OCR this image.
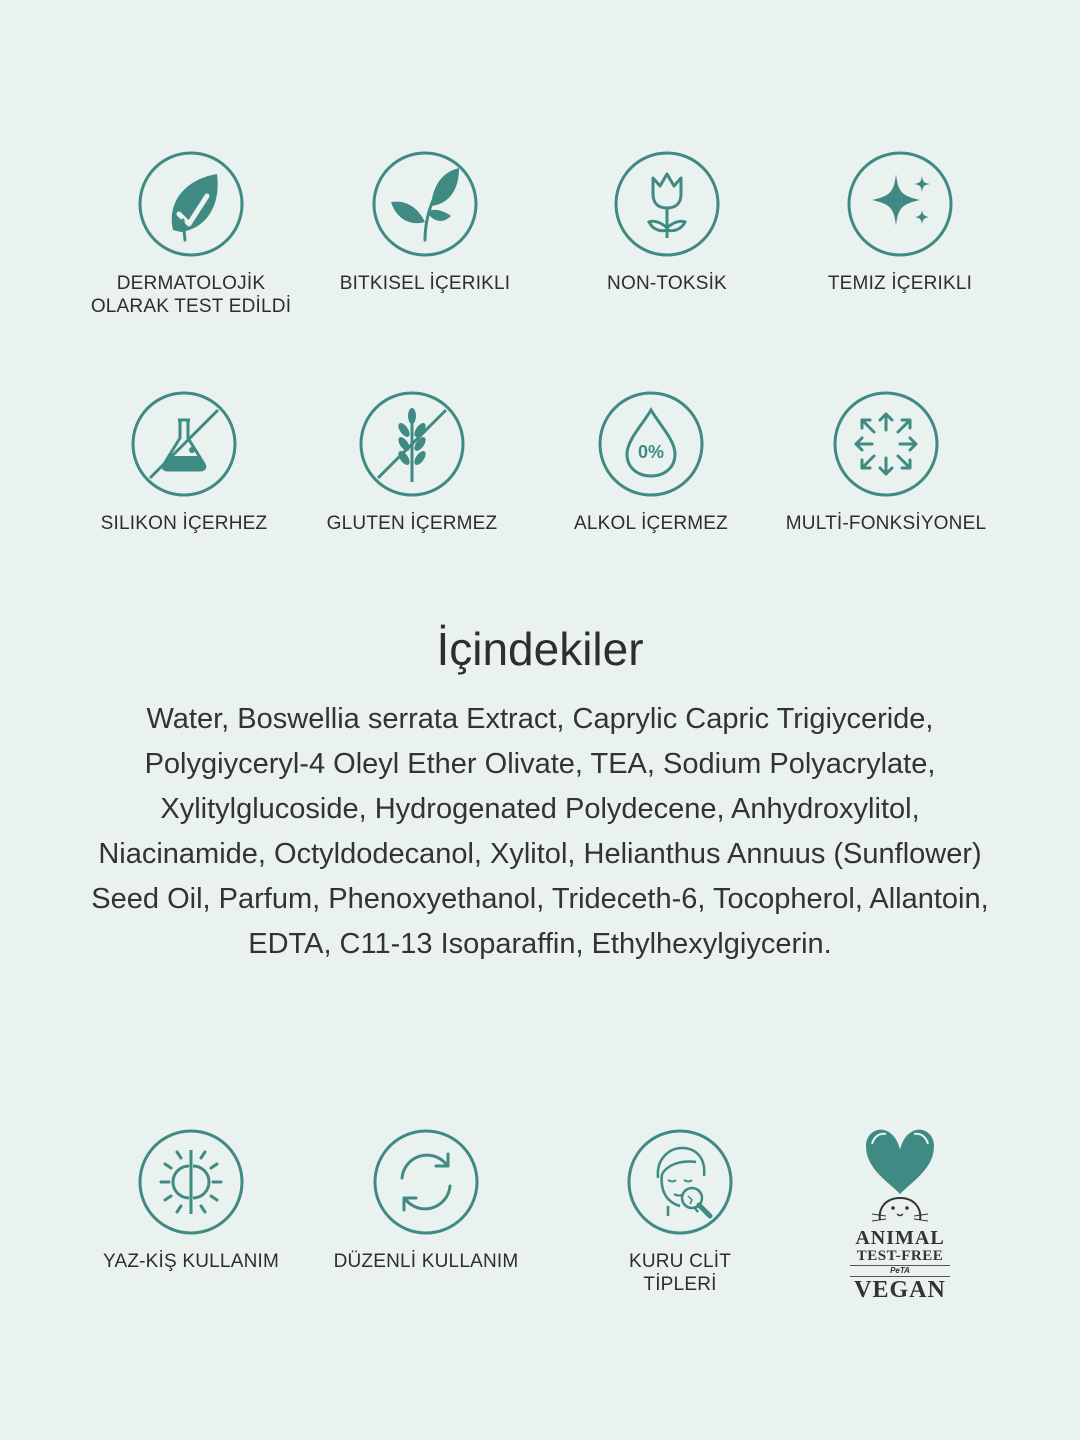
DERMATOLOJİK
OLARAK TEST EDİLDİ
BITKISEL İÇERIKLI	NON-TOKSİK	TEMIZ İÇERIKLI
SILIKON İÇERHEZ	GLUTEN İÇERMEZ
0%
ALKOL İÇERMEZ	MULTİ-FONKSİYONEL
İçindekiler

Water, Boswellia serrata Extract, Caprylic Capric Trigiyceride, Polygiyceryl-4 Oleyl Ether Olivate, TEA, Sodium Polyacrylate, Xylitylglucoside, Hydrogenated Polydecene, Anhydroxylitol, Niacinamide, Octyldodecanol, Xylitol, Helianthus Annuus (Sunflower) Seed Oil, Parfum, Phenoxyethanol, Trideceth-6, Tocopherol, Allantoin, EDTA, C11-13 Isoparaffin, Ethylhexylgiycerin.

YAZ-KİŞ KULLANIM	DÜZENLİ KULLANIM	KURU CLİT
TİPLERİ
ANIMAL
TEST-FREE
PeTA
VEGAN
